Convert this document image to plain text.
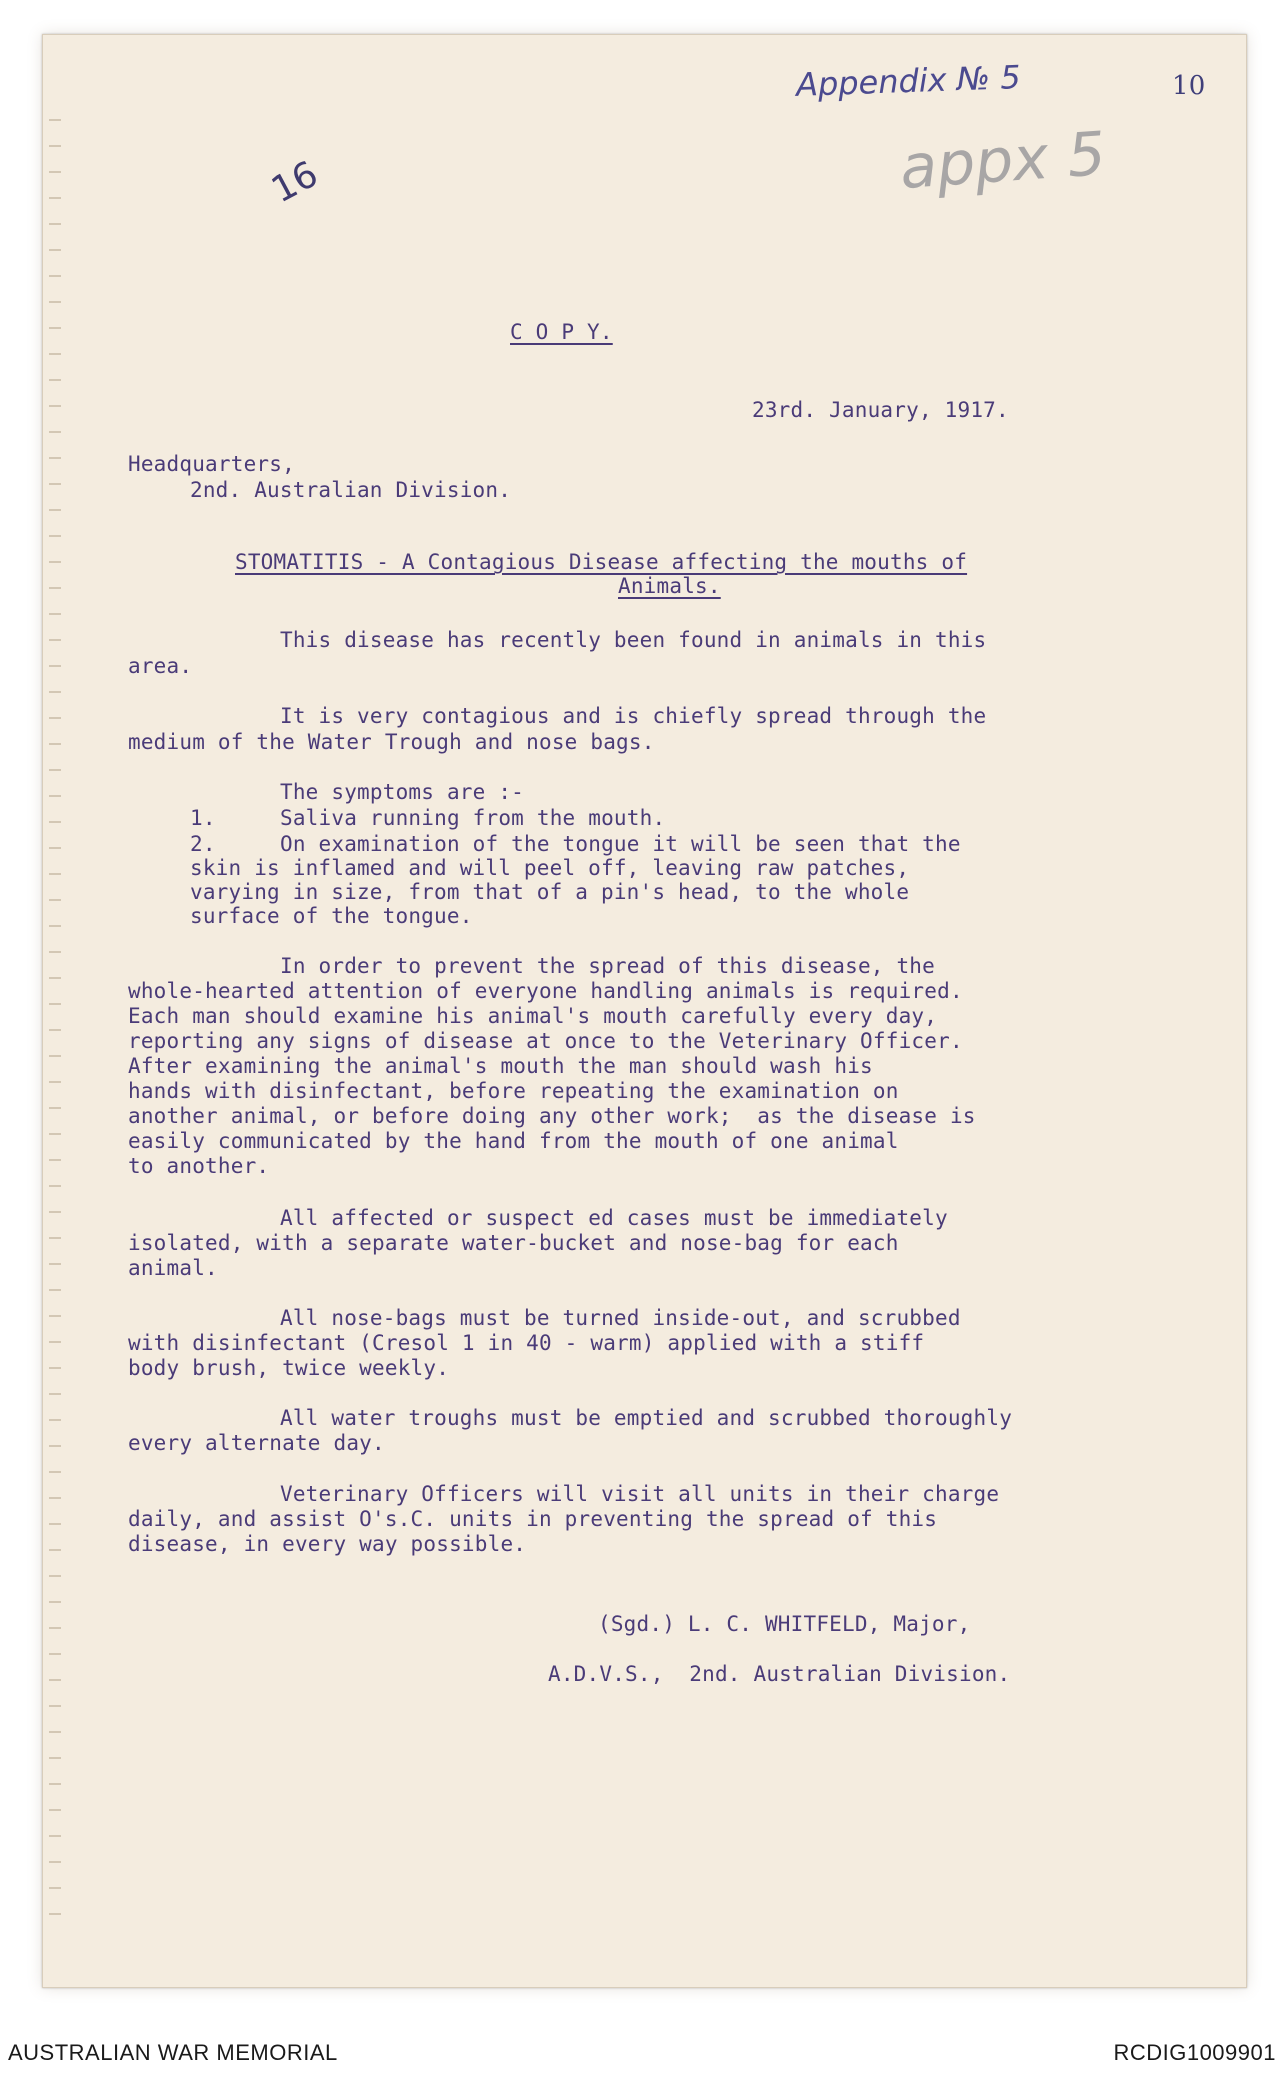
Appendix № 5	10
appx 5
16
C O P Y.
23rd. January, 1917.
Headquarters,
2nd. Australian Division.
STOMATITIS - A Contagious Disease affecting the mouths of
Animals.
This disease has recently been found in animals in this
area.
It is very contagious and is chiefly spread through the
medium of the Water Trough and nose bags.
The symptoms are :-
1.	Saliva running from the mouth.
2.	On examination of the tongue it will be seen that the
skin is inflamed and will peel off, leaving raw patches,
varying in size, from that of a pin's head, to the whole
surface of the tongue.
In order to prevent the spread of this disease, the
whole-hearted attention of everyone handling animals is required.
Each man should examine his animal's mouth carefully every day,
reporting any signs of disease at once to the Veterinary Officer.
After examining the animal's mouth the man should wash his
hands with disinfectant, before repeating the examination on
another animal, or before doing any other work;  as the disease is
easily communicated by the hand from the mouth of one animal
to another.
All affected or suspect ed cases must be immediately
isolated, with a separate water-bucket and nose-bag for each
animal.
All nose-bags must be turned inside-out, and scrubbed
with disinfectant (Cresol 1 in 40 - warm) applied with a stiff
body brush, twice weekly.
All water troughs must be emptied and scrubbed thoroughly
every alternate day.
Veterinary Officers will visit all units in their charge
daily, and assist O's.C. units in preventing the spread of this
disease, in every way possible.
(Sgd.) L. C. WHITFELD, Major,
A.D.V.S.,  2nd. Australian Division.
AUSTRALIAN WAR MEMORIAL	RCDIG1009901
